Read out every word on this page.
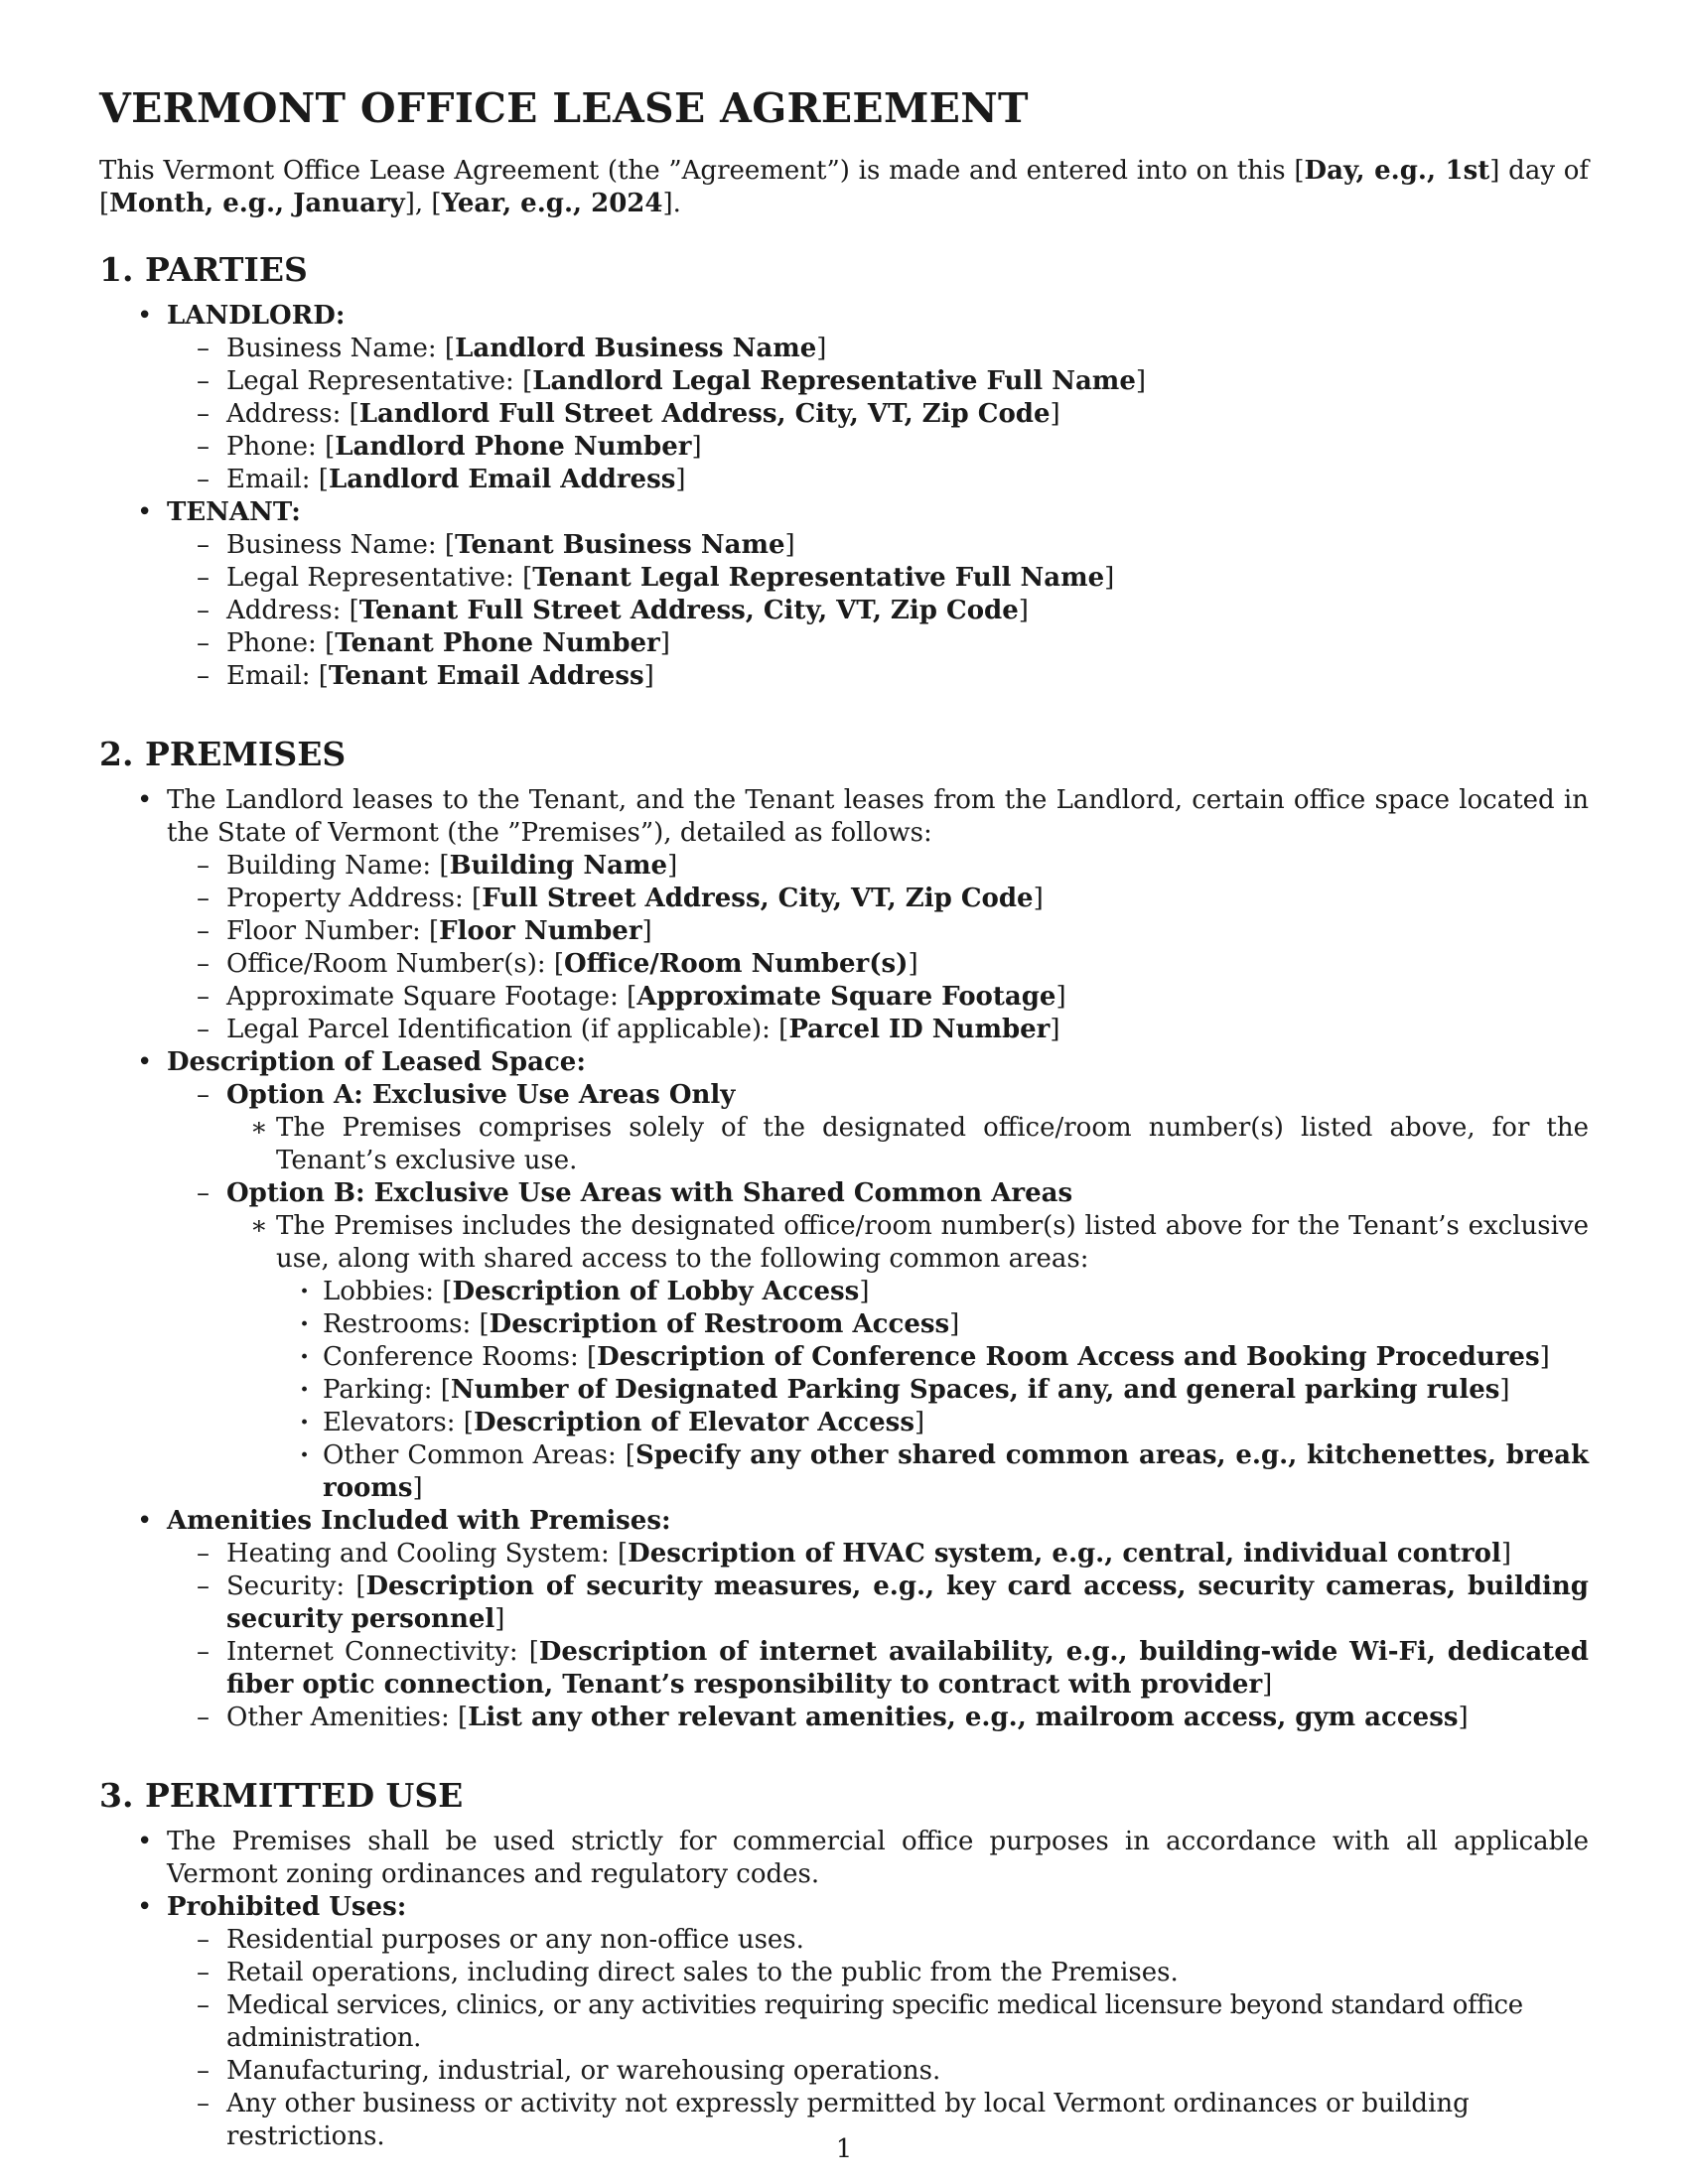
VERMONT OFFICE LEASE AGREEMENT

This Vermont Office Lease Agreement (the ”Agreement”) is made and entered into on this [Day, e.g., 1st] day of [Month, e.g., January], [Year, e.g., 2024].

1. PARTIES
• LANDLORD:
– Business Name: [Landlord Business Name]
– Legal Representative: [Landlord Legal Representative Full Name]
– Address: [Landlord Full Street Address, City, VT, Zip Code]
– Phone: [Landlord Phone Number]
– Email: [Landlord Email Address]
• TENANT:
– Business Name: [Tenant Business Name]
– Legal Representative: [Tenant Legal Representative Full Name]
– Address: [Tenant Full Street Address, City, VT, Zip Code]
– Phone: [Tenant Phone Number]
– Email: [Tenant Email Address]
2. PREMISES
• The Landlord leases to the Tenant, and the Tenant leases from the Landlord, certain office space located in the State of Vermont (the ”Premises”), detailed as follows:
– Building Name: [Building Name]
– Property Address: [Full Street Address, City, VT, Zip Code]
– Floor Number: [Floor Number]
– Office/Room Number(s): [Office/Room Number(s)]
– Approximate Square Footage: [Approximate Square Footage]
– Legal Parcel Identification (if applicable): [Parcel ID Number]
• Description of Leased Space:
– Option A: Exclusive Use Areas Only
∗ The Premises comprises solely of the designated office/room number(s) listed above, for the Tenant’s exclusive use.
– Option B: Exclusive Use Areas with Shared Common Areas
∗ The Premises includes the designated office/room number(s) listed above for the Tenant’s exclusive use, along with shared access to the following common areas:
· Lobbies: [Description of Lobby Access]
· Restrooms: [Description of Restroom Access]
· Conference Rooms: [Description of Conference Room Access and Booking Procedures]
· Parking: [Number of Designated Parking Spaces, if any, and general parking rules]
· Elevators: [Description of Elevator Access]
· Other Common Areas: [Specify any other shared common areas, e.g., kitchenettes, break rooms]
• Amenities Included with Premises:
– Heating and Cooling System: [Description of HVAC system, e.g., central, individual control]
– Security: [Description of security measures, e.g., key card access, security cameras, building security personnel]
– Internet Connectivity: [Description of internet availability, e.g., building-wide Wi-Fi, dedicated fiber optic connection, Tenant’s responsibility to contract with provider]
– Other Amenities: [List any other relevant amenities, e.g., mailroom access, gym access]
3. PERMITTED USE
• The Premises shall be used strictly for commercial office purposes in accordance with all applicable Vermont zoning ordinances and regulatory codes.
• Prohibited Uses:
– Residential purposes or any non-office uses.
– Retail operations, including direct sales to the public from the Premises.
– Medical services, clinics, or any activities requiring specific medical licensure beyond standard office administration.
– Manufacturing, industrial, or warehousing operations.
– Any other business or activity not expressly permitted by local Vermont ordinances or building restrictions.	1
